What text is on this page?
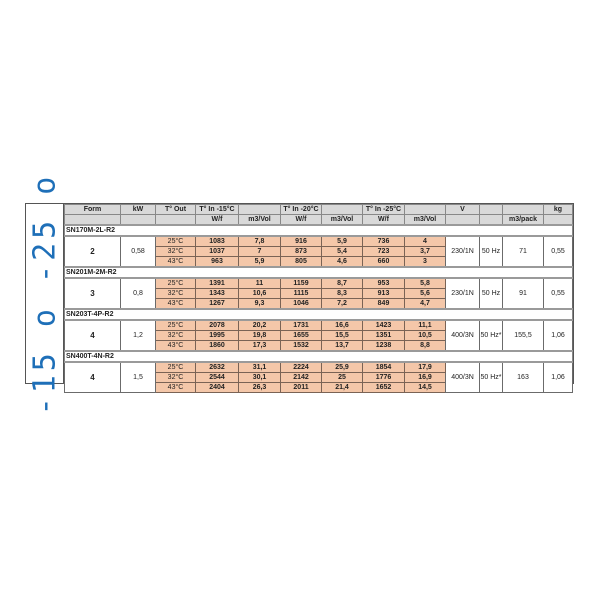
-15 o -25 o	Form	kW	T° Out	T° In -15°C		T° In -20°C		T° In -25°C		V			kg
			W/f	m3/Vol	W/f	m3/Vol	W/f	m3/Vol			m3/pack	
SN170M-2L-R2												
2	0,58	25°C	1083	7,8	916	5,9	736	4	230/1N	50 Hz	71	0,55
		32°C	1037	7	873	5,4	723	3,7				
		43°C	963	5,9	805	4,6	660	3				
SN201M-2M-R2												
3	0,8	25°C	1391	11	1159	8,7	953	5,8	230/1N	50 Hz	91	0,55
		32°C	1343	10,6	1115	8,3	913	5,6				
		43°C	1267	9,3	1046	7,2	849	4,7				
SN203T-4P-R2												
4	1,2	25°C	2078	20,2	1731	16,6	1423	11,1	400/3N	50 Hz*	155,5	1,06
		32°C	1995	19,8	1655	15,5	1351	10,5				
		43°C	1860	17,3	1532	13,7	1238	8,8				
SN400T-4N-R2												
4	1,5	25°C	2632	31,1	2224	25,9	1854	17,9	400/3N	50 Hz*	163	1,06
		32°C	2544	30,1	2142	25	1776	16,9				
		43°C	2404	26,3	2011	21,4	1652	14,5				
